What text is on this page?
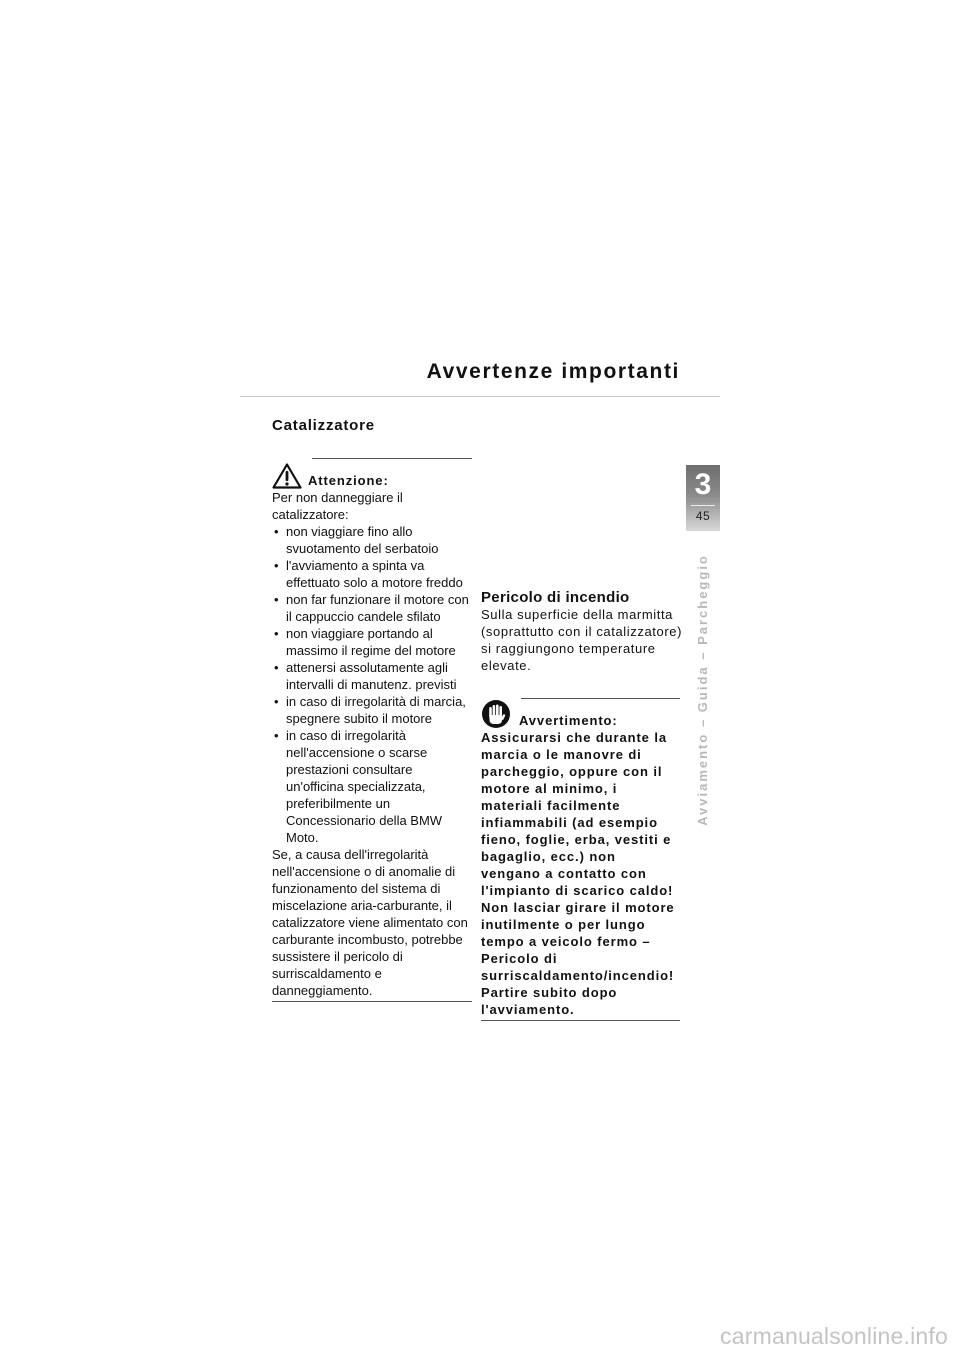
Avvertenze importanti
Catalizzatore
Attenzione:

Per non danneggiare il catalizzatore:

• non viaggiare fino allo svuotamento del serbatoio
• l'avviamento a spinta va effettuato solo a motore freddo
• non far funzionare il motore con il cappuccio candele sfilato
• non viaggiare portando al massimo il regime del motore
• attenersi assolutamente agli intervalli di manutenz. previsti
• in caso di irregolarità di marcia, spegnere subito il motore
• in caso di irregolarità nell'accensione o scarse prestazioni consultare un'officina specializzata, preferibilmente un Concessionario della BMW Moto.

Se, a causa dell'irregolarità nell'accensione o di anomalie di funzionamento del sistema di miscelazione aria-carburante, il catalizzatore viene alimentato con carburante incombusto, potrebbe sussistere il pericolo di surriscaldamento e danneggiamento.

Pericolo di incendio
Sulla superficie della marmitta (soprattutto con il catalizzatore) si raggiungono temperature elevate.
Avvertimento:

Assicurarsi che durante la marcia o le manovre di parcheggio, oppure con il motore al minimo, i materiali facilmente infiammabili (ad esempio fieno, foglie, erba, vestiti e bagaglio, ecc.) non vengano a contatto con l'impianto di scarico caldo! Non lasciar girare il motore inutilmente o per lungo tempo a veicolo fermo – Pericolo di surriscaldamento/incendio! Partire subito dopo l'avviamento.

3
45
Avviamento – Guida – Parcheggio
carmanualsonline.info
